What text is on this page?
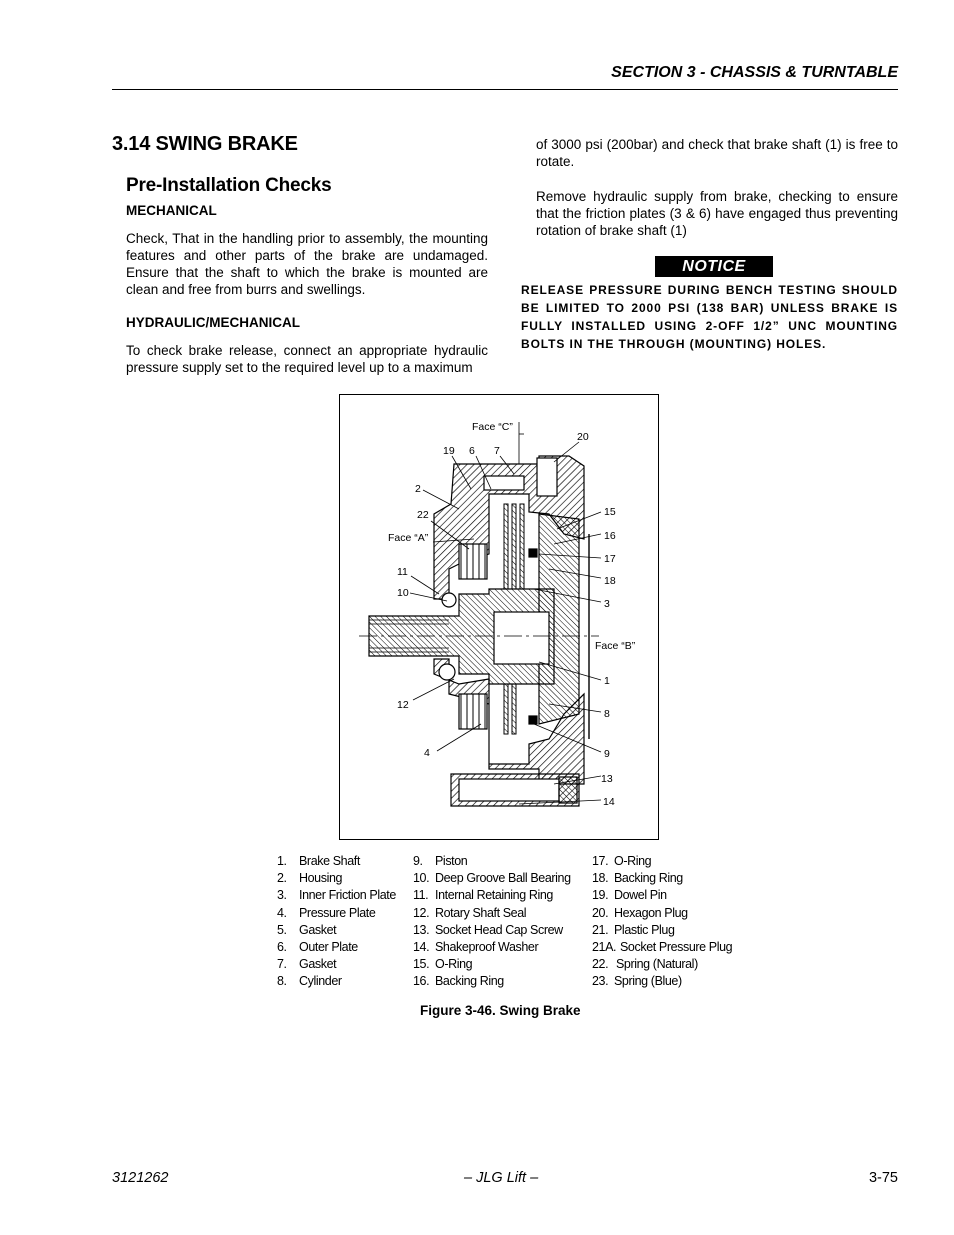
SECTION 3 - CHASSIS & TURNTABLE
3.14 SWING BRAKE
Pre-Installation Checks
MECHANICAL
Check, That in the handling prior to assembly, the mounting features and other parts of the brake are undamaged. Ensure that the shaft to which the brake is mounted are clean and free from burrs and swellings.
HYDRAULIC/MECHANICAL
To check brake release, connect an appropriate hydraulic pressure supply set to the required level up to a maximum
of 3000 psi (200bar) and check that brake shaft (1) is free to rotate.
Remove hydraulic supply from brake, checking to ensure that the friction plates (3 & 6) have engaged thus preventing rotation of brake shaft (1)
NOTICE
RELEASE PRESSURE DURING BENCH TESTING SHOULD BE LIMITED TO 2000 PSI (138 BAR) UNLESS BRAKE IS FULLY INSTALLED USING 2-OFF 1/2” UNC MOUNTING BOLTS IN THE THROUGH (MOUNTING) HOLES.
Face “C”
19 6 7
20
2
22
Face “A”
11
10
12
4
15
16
17
18
3
Face “B”
1
8
9
13
14
1. Brake Shaft
2. Housing
3. Inner Friction Plate
4. Pressure Plate
5. Gasket
6. Outer Plate
7. Gasket
8. Cylinder
9. Piston
10. Deep Groove Ball Bearing
11. Internal Retaining Ring
12. Rotary Shaft Seal
13. Socket Head Cap Screw
14. Shakeproof Washer
15. O-Ring
16. Backing Ring
17. O-Ring
18. Backing Ring
19. Dowel Pin
20. Hexagon Plug
21. Plastic Plug
21A. Socket Pressure Plug
22. Spring (Natural)
23. Spring (Blue)
Figure 3-46. Swing Brake
3121262	– JLG Lift –	3-75
